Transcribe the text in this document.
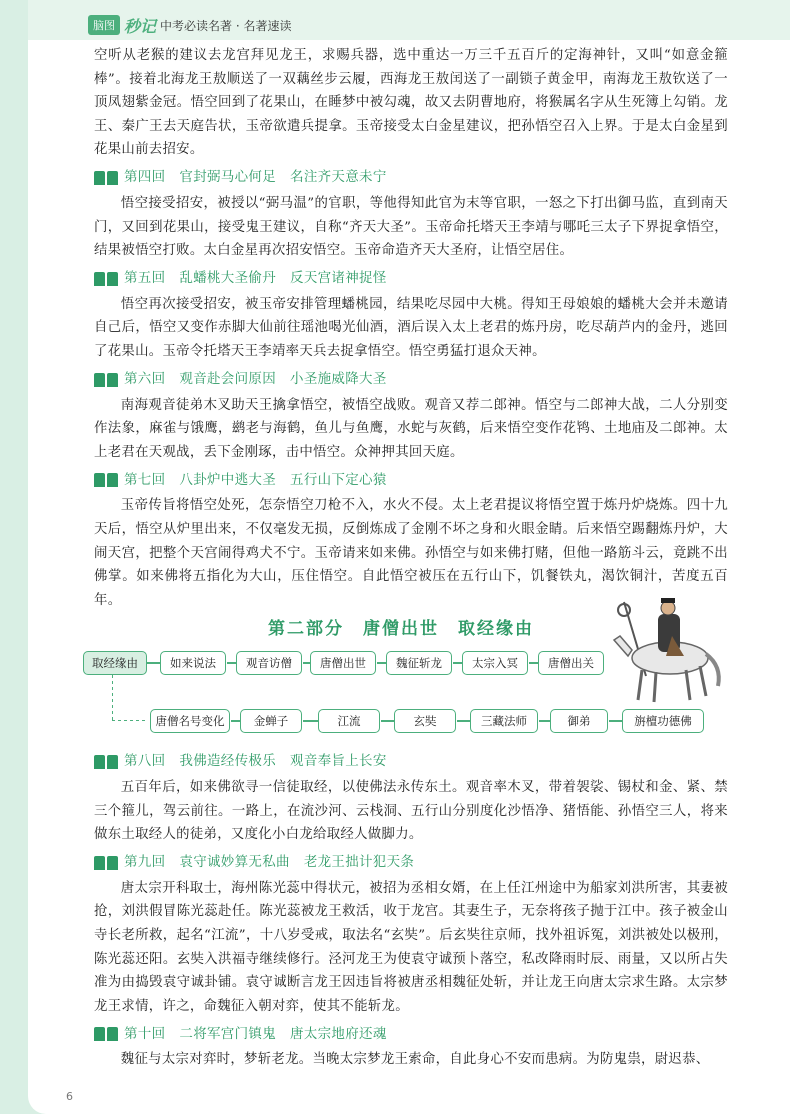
脑图 秒记 中考必读名著 · 名著速读

空听从老猴的建议去龙宫拜见龙王，求赐兵器，选中重达一万三千五百斤的定海神针，又叫“如意金箍棒”。接着北海龙王敖顺送了一双藕丝步云履，西海龙王敖闰送了一副锁子黄金甲，南海龙王敖钦送了一顶凤翅紫金冠。悟空回到了花果山，在睡梦中被勾魂，故又去阴曹地府，将猴属名字从生死簿上勾销。龙王、秦广王去天庭告状，玉帝欲遣兵提拿。玉帝接受太白金星建议，把孙悟空召入上界。于是太白金星到花果山前去招安。

第四回 官封弼马心何足 名注齐天意未宁

悟空接受招安，被授以“弼马温”的官职，等他得知此官为末等官职，一怒之下打出御马监，直到南天门，又回到花果山，接受鬼王建议，自称“齐天大圣”。玉帝命托塔天王李靖与哪吒三太子下界捉拿悟空，结果被悟空打败。太白金星再次招安悟空。玉帝命造齐天大圣府，让悟空居住。

第五回 乱蟠桃大圣偷丹 反天宫诸神捉怪

悟空再次接受招安，被玉帝安排管理蟠桃园，结果吃尽园中大桃。得知王母娘娘的蟠桃大会并未邀请自己后，悟空又变作赤脚大仙前往瑶池喝光仙酒，酒后误入太上老君的炼丹房，吃尽葫芦内的金丹，逃回了花果山。玉帝令托塔天王李靖率天兵去捉拿悟空。悟空勇猛打退众天神。

第六回 观音赴会问原因 小圣施威降大圣

南海观音徒弟木叉助天王擒拿悟空，被悟空战败。观音又荐二郎神。悟空与二郎神大战，二人分别变作法象，麻雀与饿鹰，鹚老与海鹤，鱼儿与鱼鹰，水蛇与灰鹤，后来悟空变作花鸨、土地庙及二郎神。太上老君在天观战，丢下金刚琢，击中悟空。众神押其回天庭。

第七回 八卦炉中逃大圣 五行山下定心猿

玉帝传旨将悟空处死，怎奈悟空刀枪不入，水火不侵。太上老君提议将悟空置于炼丹炉烧炼。四十九天后，悟空从炉里出来，不仅毫发无损，反倒炼成了金刚不坏之身和火眼金睛。后来悟空踢翻炼丹炉，大闹天宫，把整个天宫闹得鸡犬不宁。玉帝请来如来佛。孙悟空与如来佛打赌，但他一路筋斗云，竟跳不出佛掌。如来佛将五指化为大山，压住悟空。自此悟空被压在五行山下，饥餐铁丸，渴饮铜汁，苦度五百年。

第二部分　唐僧出世　取经缘由
取经缘由	如来说法	观音访僧	唐僧出世	魏征斩龙	太宗入冥	唐僧出关
唐僧名号变化	金蝉子	江流	玄奘	三藏法师	御弟	旃檀功德佛
第八回 我佛造经传极乐 观音奉旨上长安

五百年后，如来佛欲寻一信徒取经，以使佛法永传东土。观音率木叉，带着袈裟、锡杖和金、紧、禁三个箍儿，驾云前往。一路上，在流沙河、云栈洞、五行山分别度化沙悟净、猪悟能、孙悟空三人，将来做东土取经人的徒弟，又度化小白龙给取经人做脚力。

第九回 袁守诚妙算无私曲 老龙王拙计犯天条

唐太宗开科取士，海州陈光蕊中得状元，被招为丞相女婿，在上任江州途中为船家刘洪所害，其妻被抢，刘洪假冒陈光蕊赴任。陈光蕊被龙王救活，收于龙宫。其妻生子，无奈将孩子抛于江中。孩子被金山寺长老所救，起名“江流”，十八岁受戒，取法名“玄奘”。后玄奘往京师，找外祖诉冤，刘洪被处以极刑，陈光蕊还阳。玄奘入洪福寺继续修行。泾河龙王为使袁守诚预卜落空，私改降雨时辰、雨量，又以所占失准为由捣毁袁守诚卦铺。袁守诚断言龙王因违旨将被唐丞相魏征处斩，并让龙王向唐太宗求生路。太宗梦龙王求情，许之，命魏征入朝对弈，使其不能斩龙。

第十回 二将军宫门镇鬼 唐太宗地府还魂

魏征与太宗对弈时，梦斩老龙。当晚太宗梦龙王索命，自此身心不安而患病。为防鬼祟，尉迟恭、

6
